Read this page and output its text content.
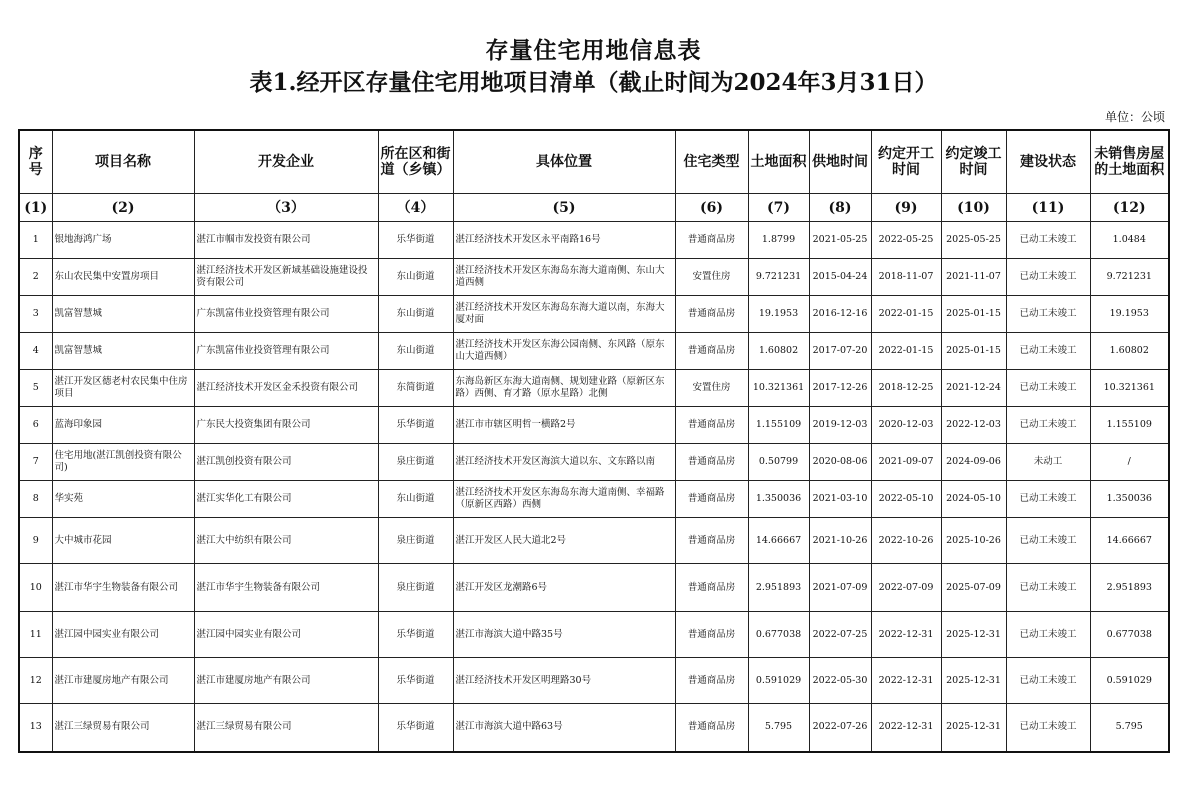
存量住宅用地信息表
表1.经开区存量住宅用地项目清单（截止时间为2024年3月31日）
单位：公顷
序号	项目名称	开发企业	所在区和街道（乡镇）	具体位置	住宅类型	土地面积	供地时间	约定开工时间	约定竣工时间	建设状态	未销售房屋的土地面积
(1)	(2)	（3）	（4）	(5)	(6)	(7)	(8)	(9)	(10)	(11)	(12)
1	银地海鸿广场	湛江市帼市发投资有限公司	乐华街道	湛江经济技术开发区永平南路16号	普通商品房	1.8799	2021-05-25	2022-05-25	2025-05-25	已动工未竣工	1.0484
2	东山农民集中安置房项目	湛江经济技术开发区新域基础设施建设投资有限公司	东山街道	湛江经济技术开发区东海岛东海大道南侧、东山大道西侧	安置住房	9.721231	2015-04-24	2018-11-07	2021-11-07	已动工未竣工	9.721231
3	凯富智慧城	广东凯富伟业投资管理有限公司	东山街道	湛江经济技术开发区东海岛东海大道以南，东海大厦对面	普通商品房	19.1953	2016-12-16	2022-01-15	2025-01-15	已动工未竣工	19.1953
4	凯富智慧城	广东凯富伟业投资管理有限公司	东山街道	湛江经济技术开发区东海公园南侧、东风路（原东山大道西侧）	普通商品房	1.60802	2017-07-20	2022-01-15	2025-01-15	已动工未竣工	1.60802
5	湛江开发区德老村农民集中住房项目	湛江经济技术开发区金禾投资有限公司	东简街道	东海岛新区东海大道南侧、规划建业路（原新区东路）西侧、育才路（原水星路）北侧	安置住房	10.321361	2017-12-26	2018-12-25	2021-12-24	已动工未竣工	10.321361
6	蓝海印象园	广东民大投资集团有限公司	乐华街道	湛江市市辖区明哲一横路2号	普通商品房	1.155109	2019-12-03	2020-12-03	2022-12-03	已动工未竣工	1.155109
7	住宅用地(湛江凯创投资有限公司)	湛江凯创投资有限公司	泉庄街道	湛江经济技术开发区海滨大道以东、文东路以南	普通商品房	0.50799	2020-08-06	2021-09-07	2024-09-06	未动工	/
8	华实苑	湛江实华化工有限公司	东山街道	湛江经济技术开发区东海岛东海大道南侧、幸福路（原新区西路）西侧	普通商品房	1.350036	2021-03-10	2022-05-10	2024-05-10	已动工未竣工	1.350036
9	大中城市花园	湛江大中纺织有限公司	泉庄街道	湛江开发区人民大道北2号	普通商品房	14.66667	2021-10-26	2022-10-26	2025-10-26	已动工未竣工	14.66667
10	湛江市华宇生物装备有限公司	湛江市华宇生物装备有限公司	泉庄街道	湛江开发区龙潮路6号	普通商品房	2.951893	2021-07-09	2022-07-09	2025-07-09	已动工未竣工	2.951893
11	湛江园中园实业有限公司	湛江园中园实业有限公司	乐华街道	湛江市海滨大道中路35号	普通商品房	0.677038	2022-07-25	2022-12-31	2025-12-31	已动工未竣工	0.677038
12	湛江市建厦房地产有限公司	湛江市建厦房地产有限公司	乐华街道	湛江经济技术开发区明理路30号	普通商品房	0.591029	2022-05-30	2022-12-31	2025-12-31	已动工未竣工	0.591029
13	湛江三绿贸易有限公司	湛江三绿贸易有限公司	乐华街道	湛江市海滨大道中路63号	普通商品房	5.795	2022-07-26	2022-12-31	2025-12-31	已动工未竣工	5.795
